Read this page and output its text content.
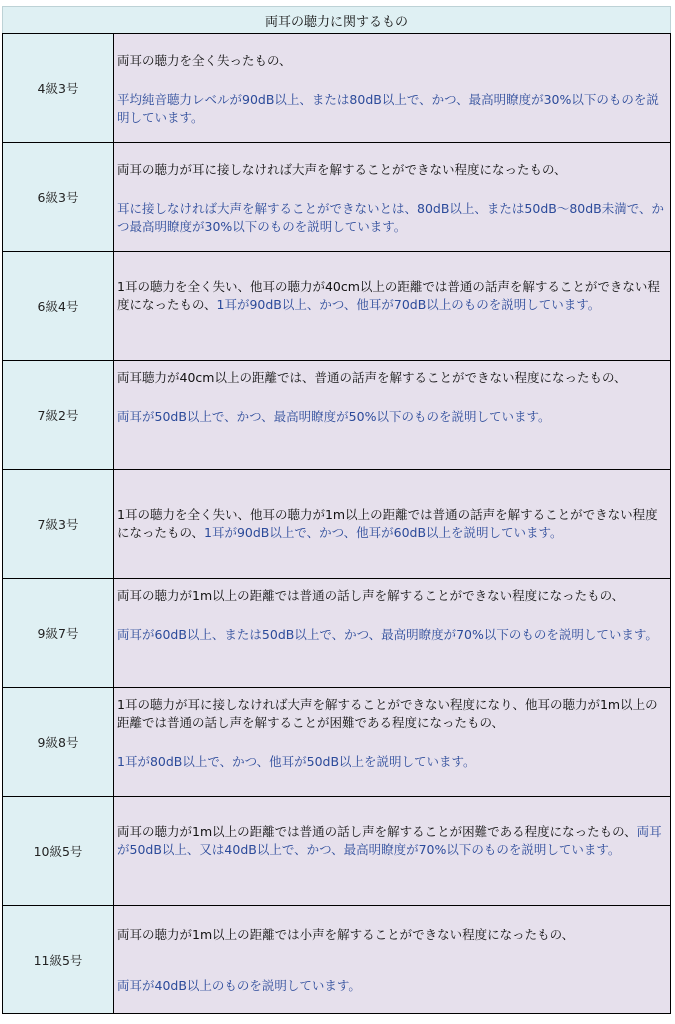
両耳の聴力に関するもの	
4級3号	両耳の聴力を全く失ったもの、
平均純音聴力レベルが90dB以上、または80dB以上で、かつ、最高明瞭度が30%以下のものを説明しています。

6級3号	両耳の聴力が耳に接しなければ大声を解することができない程度になったもの、
耳に接しなければ大声を解することができないとは、80dB以上、または50dB～80dB未満で、かつ最高明瞭度が30%以下のものを説明しています。

6級4号	1耳の聴力を全く失い、他耳の聴力が40cm以上の距離では普通の話声を解することができない程度になったもの、1耳が90dB以上、かつ、他耳が70dB以上のものを説明しています。

7級2号	両耳聴力が40cm以上の距離では、普通の話声を解することができない程度になったもの、
両耳が50dB以上で、かつ、最高明瞭度が50%以下のものを説明しています。

7級3号	1耳の聴力を全く失い、他耳の聴力が1m以上の距離では普通の話声を解することができない程度になったもの、1耳が90dB以上で、かつ、他耳が60dB以上を説明しています。

9級7号	両耳の聴力が1m以上の距離では普通の話し声を解することができない程度になったもの、
両耳が60dB以上、または50dB以上で、かつ、最高明瞭度が70%以下のものを説明しています。

9級8号	1耳の聴力が耳に接しなければ大声を解することができない程度になり、他耳の聴力が1m以上の距離では普通の話し声を解することが困難である程度になったもの、
1耳が80dB以上で、かつ、他耳が50dB以上を説明しています。

10級5号	両耳の聴力が1m以上の距離では普通の話し声を解することが困難である程度になったもの、両耳が50dB以上、又は40dB以上で、かつ、最高明瞭度が70%以下のものを説明しています。

11級5号	両耳の聴力が1m以上の距離では小声を解することができない程度になったもの、
両耳が40dB以上のものを説明しています。
